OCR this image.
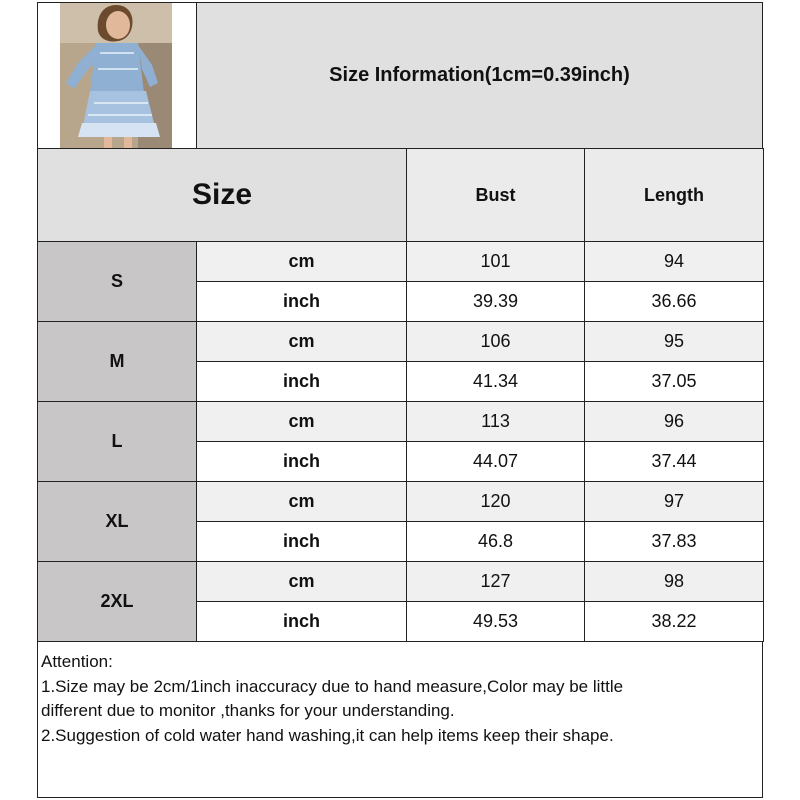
Size Information(1cm=0.39inch)
Size		Bust	Length
S	cm	101	94
	inch	39.39	36.66
M	cm	106	95
	inch	41.34	37.05
L	cm	113	96
	inch	44.07	37.44
XL	cm	120	97
	inch	46.8	37.83
2XL	cm	127	98
	inch	49.53	38.22
Attention:
1.Size may be 2cm/1inch inaccuracy due to hand measure,Color may be little
different due to monitor ,thanks for your understanding.
2.Suggestion of cold water hand washing,it can help items keep their shape.
